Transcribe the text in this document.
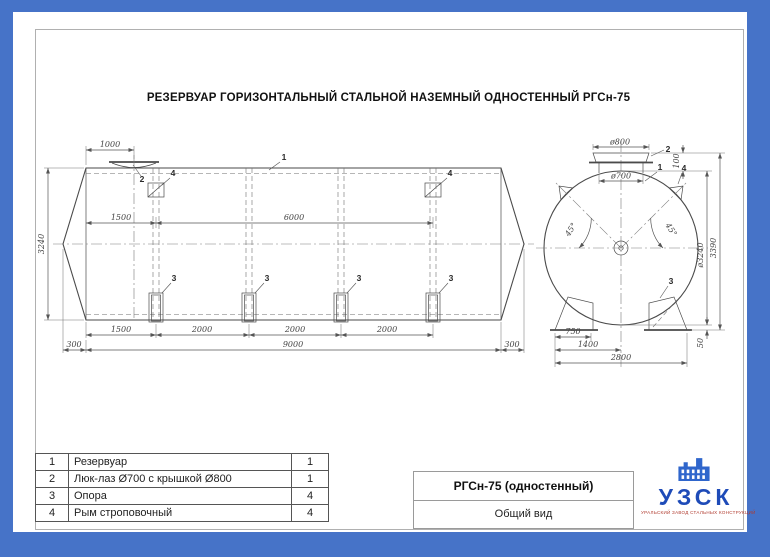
РЕЗЕРВУАР ГОРИЗОНТАЛЬНЫЙ СТАЛЬНОЙ НАЗЕМНЫЙ ОДНОСТЕННЫЙ РГСн-75
1000
1500	6000
3240
1500	2000	2000	2000
300	9000	300
1
2
4	4
3	3	3	3
45°	45°
ø800
ø700
100
ø3240 3390
50
750
1400
2800
2
1 4
3
1	Резервуар	1
2	Люк-лаз Ø700 с крышкой Ø800	1
3	Опора	4
4	Рым строповочный	4
РГСн-75 (одностенный)
Общий вид
УЗСК
УРАЛЬСКИЙ ЗАВОД СТАЛЬНЫХ КОНСТРУКЦИЙ
